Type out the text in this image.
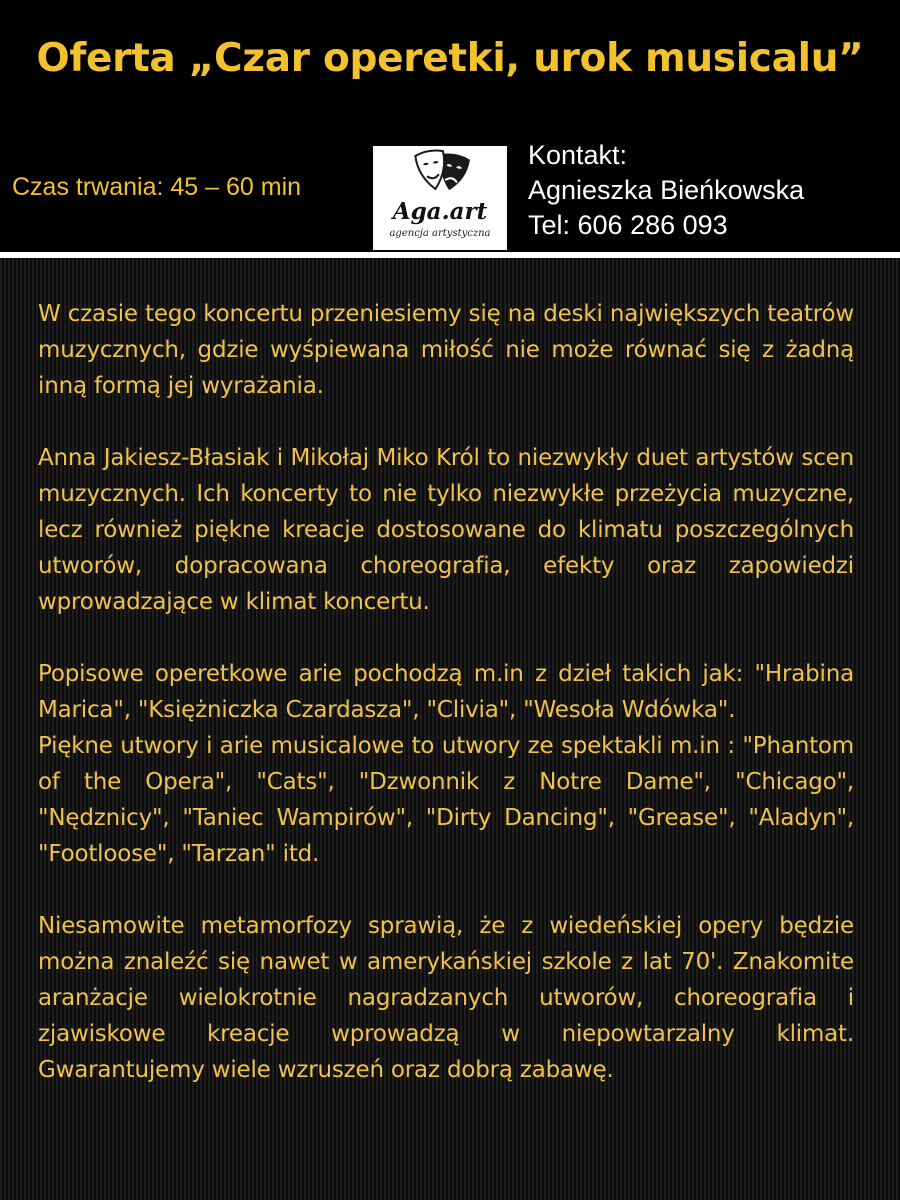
Oferta „Czar operetki, urok musicalu”
Czas trwania: 45 – 60 min
Aga.art
agencja artystyczna
Kontakt:
Agnieszka Bieńkowska
Tel: 606 286 093

W czasie tego koncertu przeniesiemy się na deski największych teatrów muzycznych, gdzie wyśpiewana miłość nie może równać się z żadną inną formą jej wyrażania.

Anna Jakiesz-Błasiak i Mikołaj Miko Król to niezwykły duet artystów scen muzycznych. Ich koncerty to nie tylko niezwykłe przeżycia muzyczne, lecz również piękne kreacje dostosowane do klimatu poszczególnych utworów, dopracowana choreografia, efekty oraz zapowiedzi wprowadzające w klimat koncertu.

Popisowe operetkowe arie pochodzą m.in z dzieł takich jak: "Hrabina Marica", "Księżniczka Czardasza", "Clivia", "Wesoła Wdówka".

Piękne utwory i arie musicalowe to utwory ze spektakli m.in : "Phantom of the Opera", "Cats", "Dzwonnik z Notre Dame", "Chicago", "Nędznicy", "Taniec Wampirów", "Dirty Dancing", "Grease", "Aladyn", "Footloose", "Tarzan" itd.

Niesamowite metamorfozy sprawią, że z wiedeńskiej opery będzie można znaleźć się nawet w amerykańskiej szkole z lat 70'. Znakomite aranżacje wielokrotnie nagradzanych utworów, choreografia i zjawiskowe kreacje wprowadzą w niepowtarzalny klimat. Gwarantujemy wiele wzruszeń oraz dobrą zabawę.
